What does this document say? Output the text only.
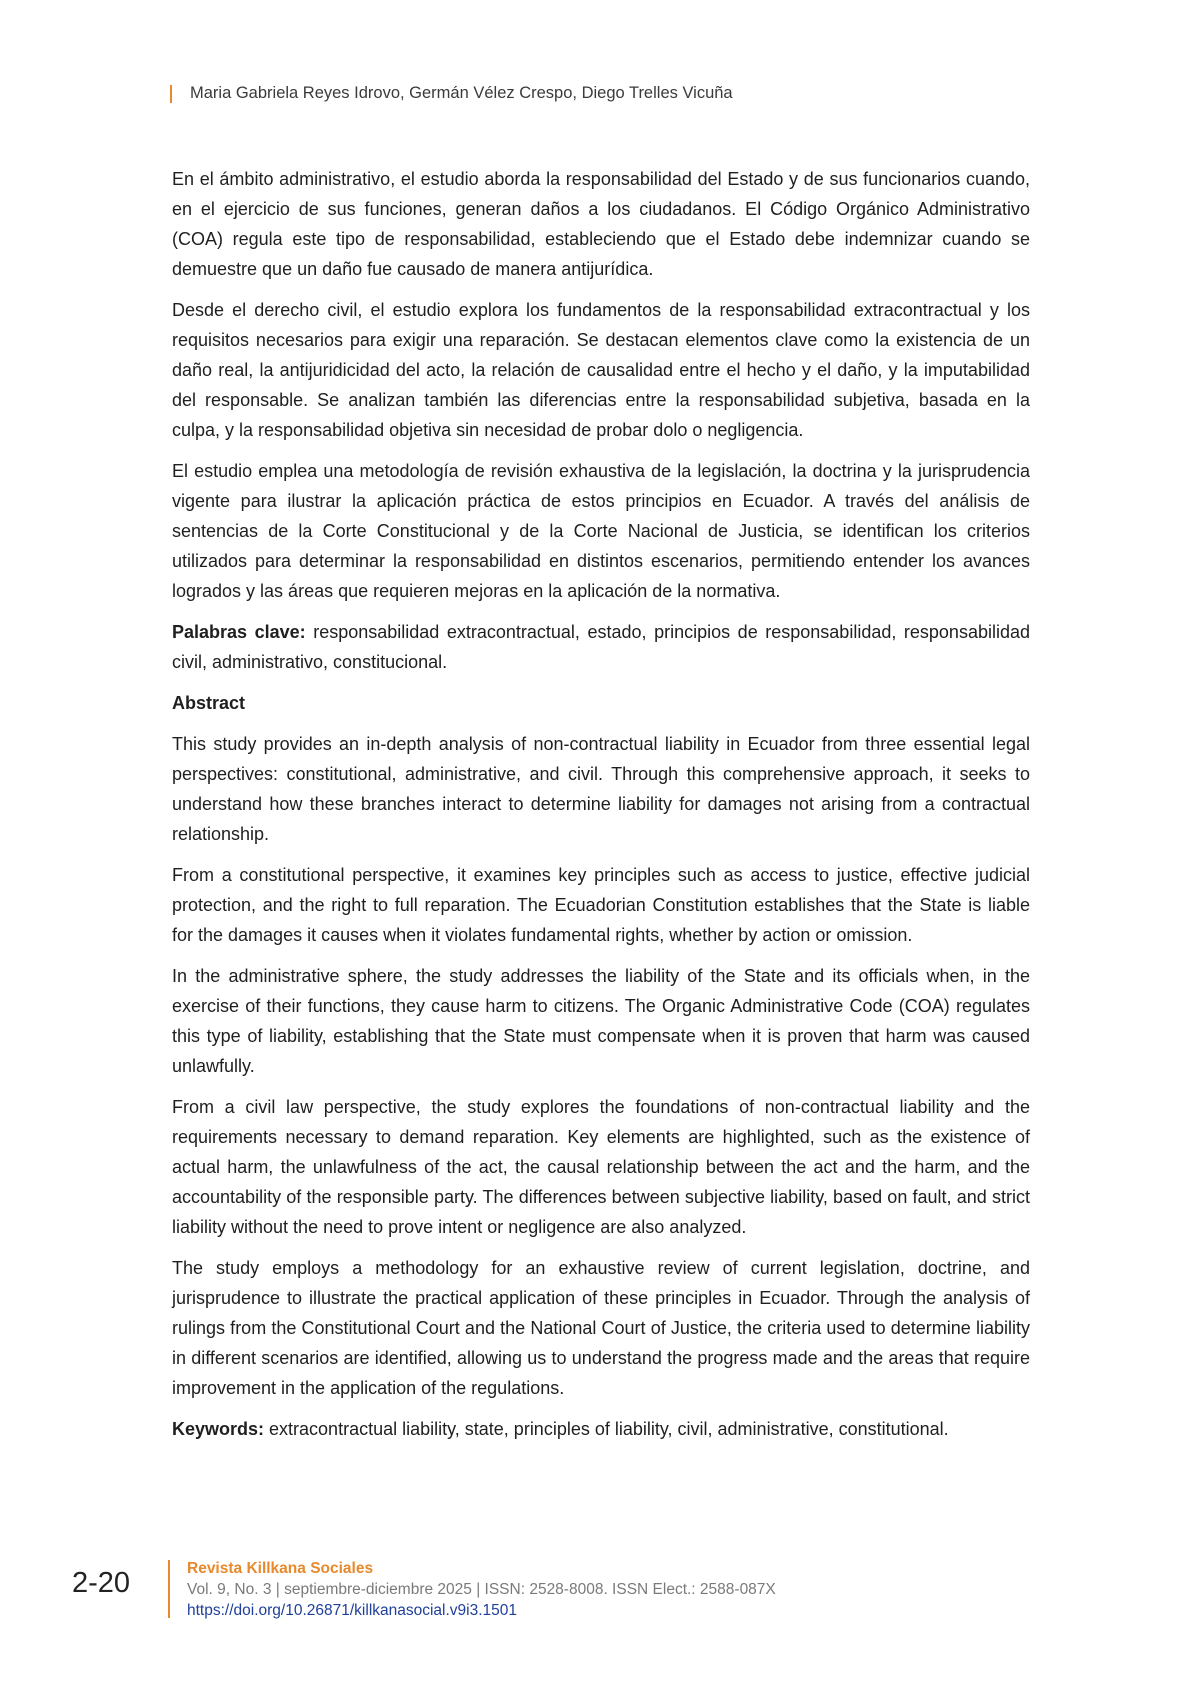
Maria Gabriela Reyes Idrovo, Germán Vélez Crespo, Diego Trelles Vicuña

En el ámbito administrativo, el estudio aborda la responsabilidad del Estado y de sus funcionarios cuando, en el ejercicio de sus funciones, generan daños a los ciudadanos. El Código Orgánico Administrativo (COA) regula este tipo de responsabilidad, estableciendo que el Estado debe indemnizar cuando se demuestre que un daño fue causado de manera antijurídica.

Desde el derecho civil, el estudio explora los fundamentos de la responsabilidad extracontractual y los requisitos necesarios para exigir una reparación. Se destacan elementos clave como la existencia de un daño real, la antijuridicidad del acto, la relación de causalidad entre el hecho y el daño, y la imputabilidad del responsable. Se analizan también las diferencias entre la responsabilidad subjetiva, basada en la culpa, y la responsabilidad objetiva sin necesidad de probar dolo o negligencia.

El estudio emplea una metodología de revisión exhaustiva de la legislación, la doctrina y la jurisprudencia vigente para ilustrar la aplicación práctica de estos principios en Ecuador. A través del análisis de sentencias de la Corte Constitucional y de la Corte Nacional de Justicia, se identifican los criterios utilizados para determinar la responsabilidad en distintos escenarios, permitiendo entender los avances logrados y las áreas que requieren mejoras en la aplicación de la normativa.

Palabras clave: responsabilidad extracontractual, estado, principios de responsabilidad, responsabilidad civil, administrativo, constitucional.

Abstract

This study provides an in-depth analysis of non-contractual liability in Ecuador from three essential legal perspectives: constitutional, administrative, and civil. Through this comprehensive approach, it seeks to understand how these branches interact to determine liability for damages not arising from a contractual relationship.

From a constitutional perspective, it examines key principles such as access to justice, effective judicial protection, and the right to full reparation. The Ecuadorian Constitution establishes that the State is liable for the damages it causes when it violates fundamental rights, whether by action or omission.

In the administrative sphere, the study addresses the liability of the State and its officials when, in the exercise of their functions, they cause harm to citizens. The Organic Administrative Code (COA) regulates this type of liability, establishing that the State must compensate when it is proven that harm was caused unlawfully.

From a civil law perspective, the study explores the foundations of non-contractual liability and the requirements necessary to demand reparation. Key elements are highlighted, such as the existence of actual harm, the unlawfulness of the act, the causal relationship between the act and the harm, and the accountability of the responsible party. The differences between subjective liability, based on fault, and strict liability without the need to prove intent or negligence are also analyzed.

The study employs a methodology for an exhaustive review of current legislation, doctrine, and jurisprudence to illustrate the practical application of these principles in Ecuador. Through the analysis of rulings from the Constitutional Court and the National Court of Justice, the criteria used to determine liability in different scenarios are identified, allowing us to understand the progress made and the areas that require improvement in the application of the regulations.

Keywords: extracontractual liability, state, principles of liability, civil, administrative, constitutional.

2-20	Revista Killkana Sociales
Vol. 9, No. 3 | septiembre-diciembre 2025 | ISSN: 2528-8008. ISSN Elect.: 2588-087X
https://doi.org/10.26871/killkanasocial.v9i3.1501
